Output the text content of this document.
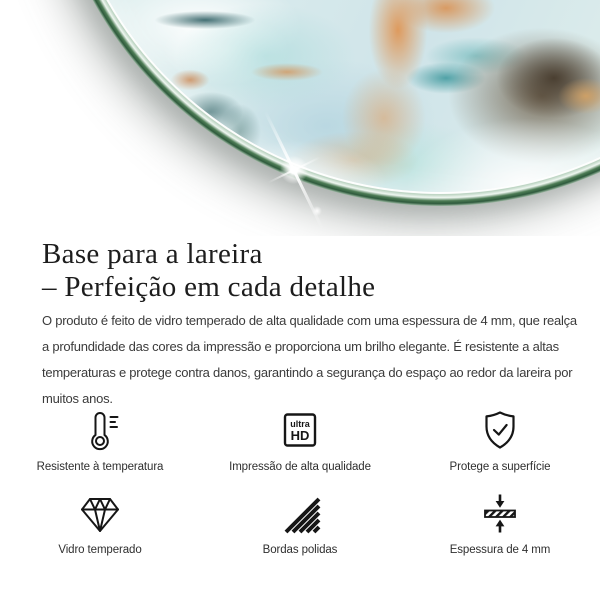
Base para a lareira
– Perfeição em cada detalhe
O produto é feito de vidro temperado de alta qualidade com uma espessura de 4 mm, que realça
a profundidade das cores da impressão e proporciona um brilho elegante. É resistente a altas
temperaturas e protege contra danos, garantindo a segurança do espaço ao redor da lareira por
muitos anos.
Resistente à temperatura
ultra
HD
Impressão de alta qualidade	Protege a superfície
Vidro temperado	Bordas polidas	Espessura de 4 mm
